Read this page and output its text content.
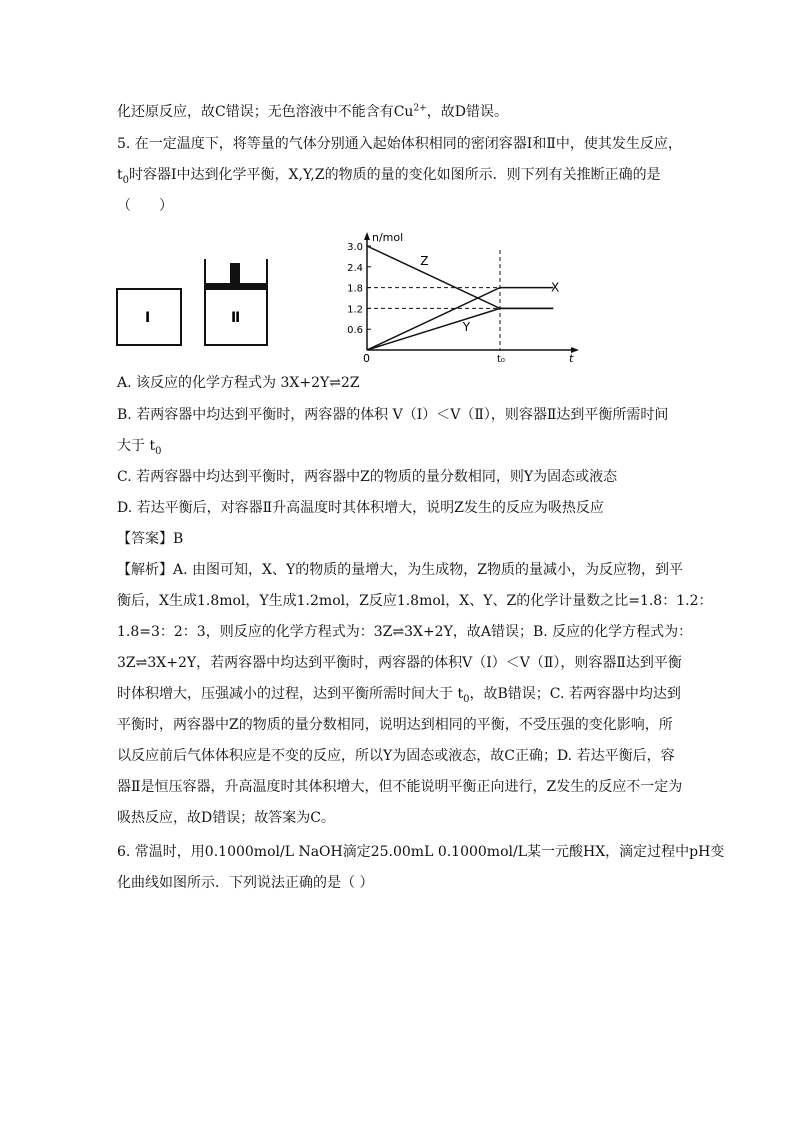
化还原反应，故C错误；无色溶液中不能含有$Cu^{2+}$，故D错误。
5. 在一定温度下，将等量的气体分别通入起始体积相同的密闭容器Ⅰ和Ⅱ中，使其发生反应，
$t_0$时容器Ⅰ中达到化学平衡，X,Y,Z的物质的量的变化如图所示．则下列有关推断正确的是
（　　）
Ⅰ	Ⅱ
n/mol
t
0	t₀
3.0
2.4
1.8
1.2
0.6
Z
X
Y
A. 该反应的化学方程式为 3X+2Y⇌2Z
B. 若两容器中均达到平衡时，两容器的体积 V（Ⅰ）＜V（Ⅱ），则容器Ⅱ达到平衡所需时间
大于 $t_0$
C. 若两容器中均达到平衡时，两容器中Z的物质的量分数相同，则Y为固态或液态
D. 若达平衡后，对容器Ⅱ升高温度时其体积增大，说明Z发生的反应为吸热反应
【答案】B
【解析】A. 由图可知，X、Y的物质的量增大，为生成物，Z物质的量减小，为反应物，到平
衡后，X生成1.8mol，Y生成1.2mol，Z反应1.8mol，X、Y、Z的化学计量数之比=1.8：1.2：
1.8=3：2：3，则反应的化学方程式为：3Z⇌3X+2Y，故A错误；B. 反应的化学方程式为：
3Z⇌3X+2Y，若两容器中均达到平衡时，两容器的体积V（Ⅰ）＜V（Ⅱ），则容器Ⅱ达到平衡
时体积增大，压强减小的过程，达到平衡所需时间大于 $t_0$，故B错误；C. 若两容器中均达到
平衡时，两容器中Z的物质的量分数相同，说明达到相同的平衡，不受压强的变化影响，所
以反应前后气体体积应是不变的反应，所以Y为固态或液态，故C正确；D. 若达平衡后，容
器Ⅱ是恒压容器，升高温度时其体积增大，但不能说明平衡正向进行，Z发生的反应不一定为
吸热反应，故D错误；故答案为C。
6. 常温时，用0.1000mol/L NaOH滴定25.00mL 0.1000mol/L某一元酸HX，滴定过程中pH变
化曲线如图所示．下列说法正确的是（ ）
